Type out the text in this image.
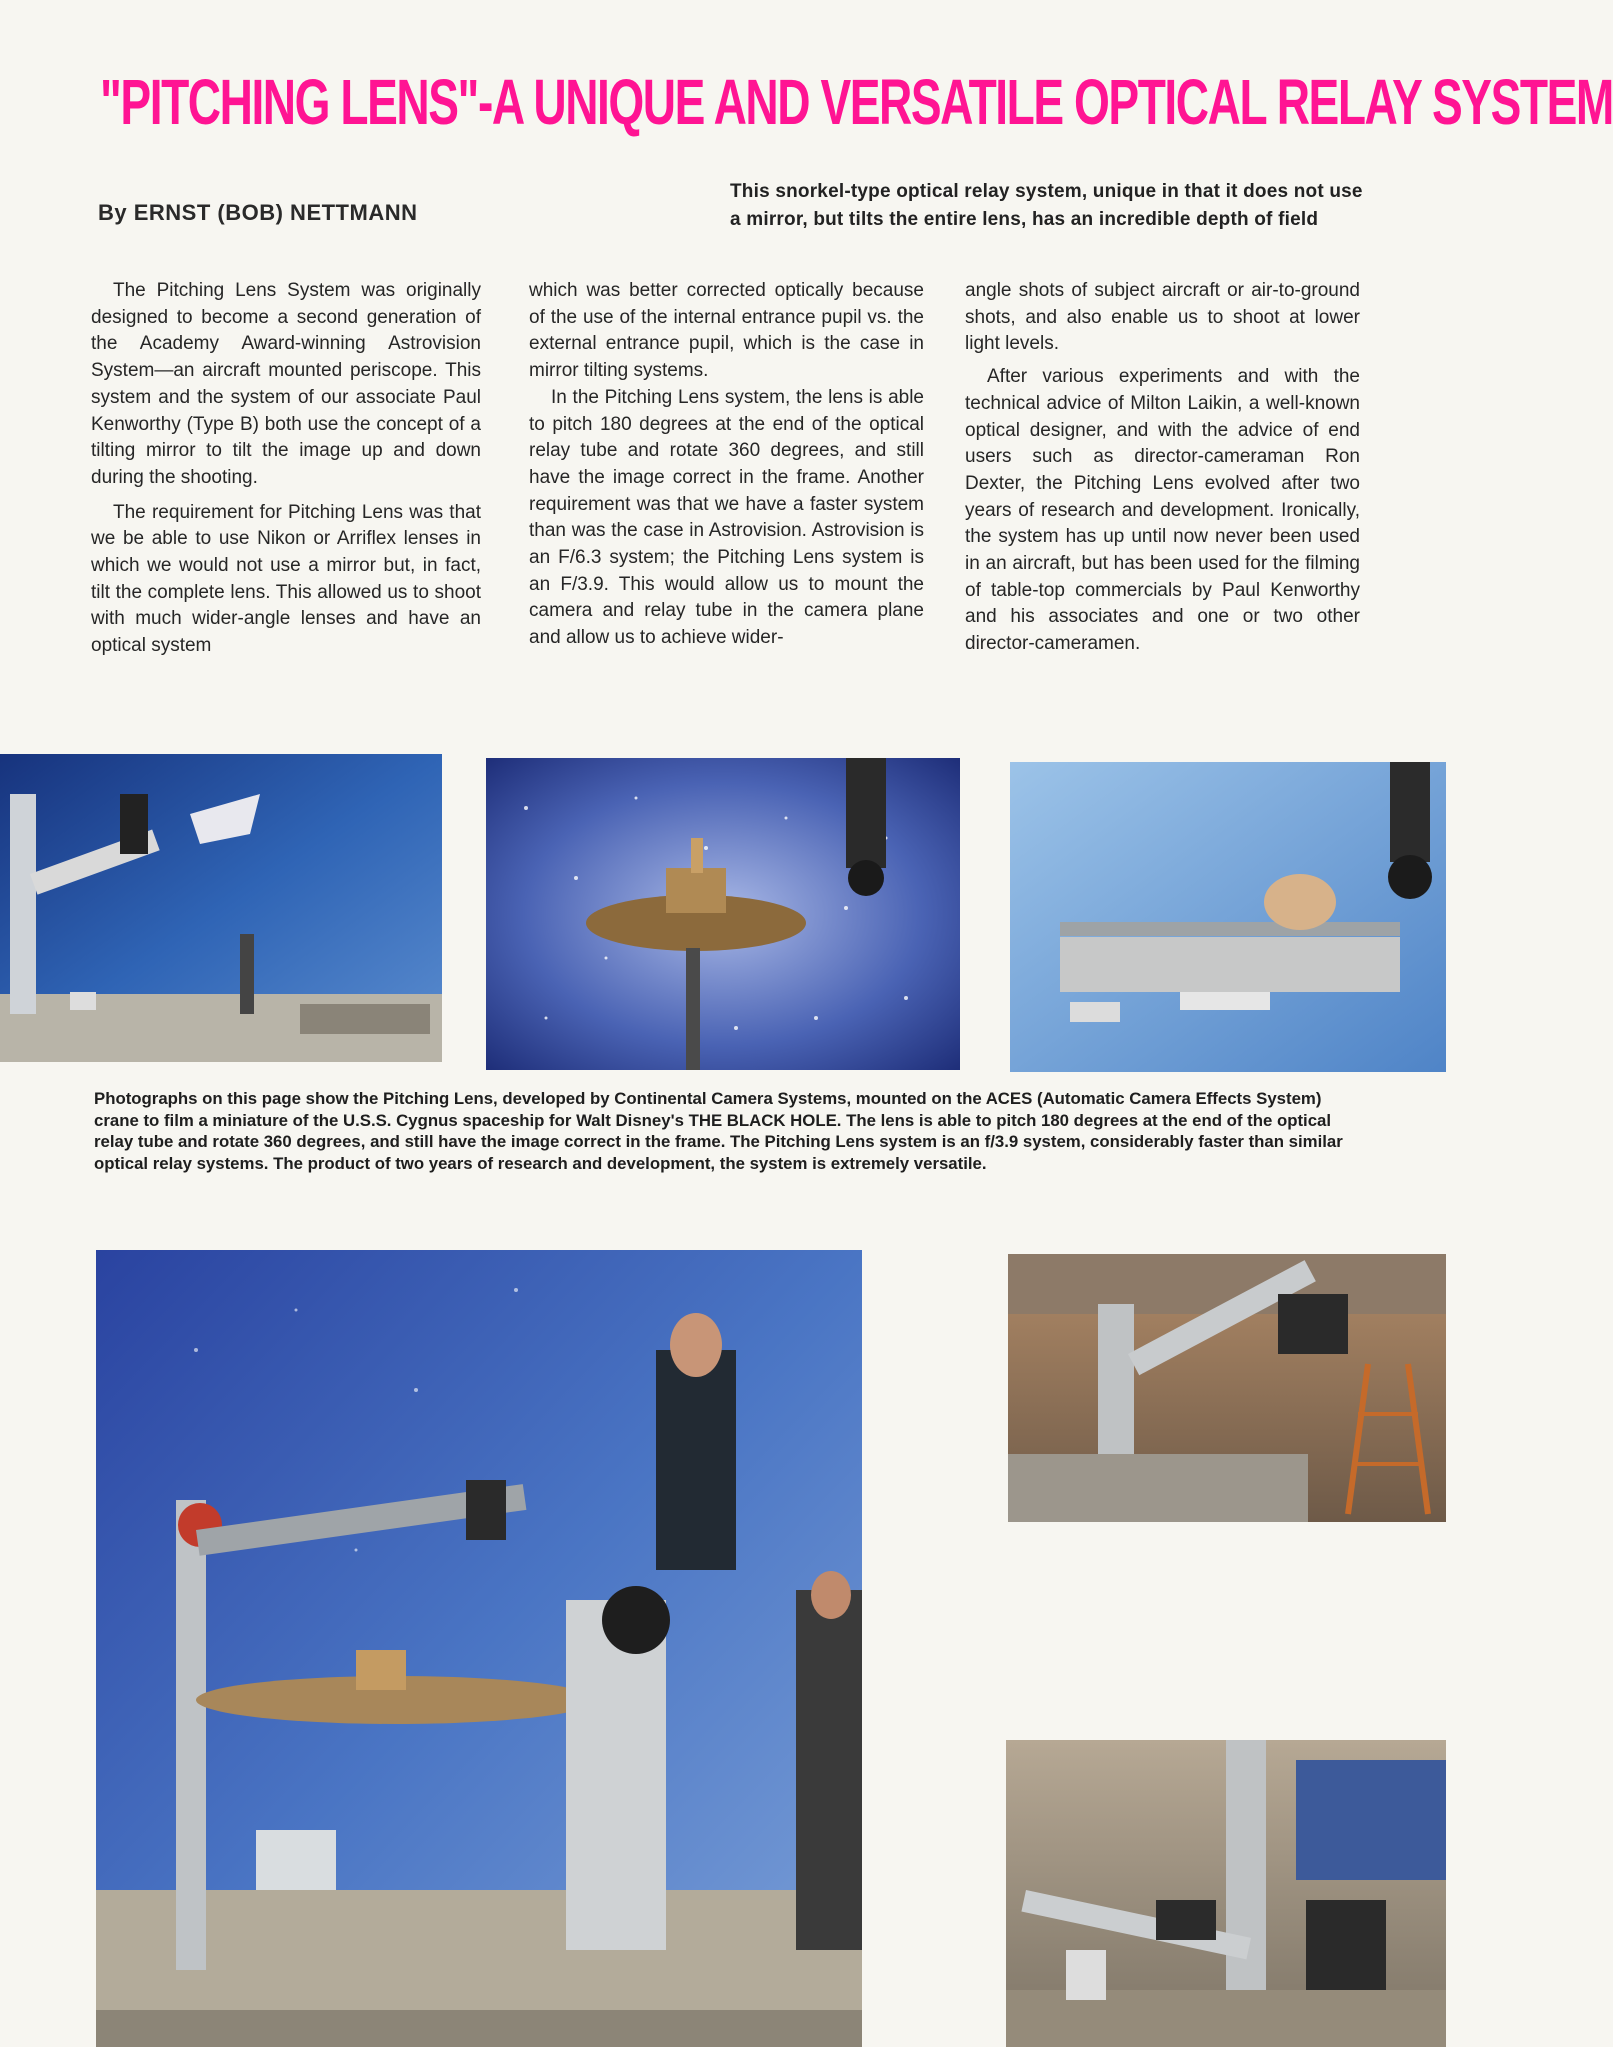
"PITCHING LENS"-A UNIQUE AND VERSATILE OPTICAL RELAY SYSTEM
By ERNST (BOB) NETTMANN
This snorkel-type optical relay system, unique in that it does not use a mirror, but tilts the entire lens, has an incredible depth of field

The Pitching Lens System was originally designed to become a second generation of the Academy Award-winning Astrovision System—an aircraft mounted periscope. This system and the system of our associate Paul Kenworthy (Type B) both use the concept of a tilting mirror to tilt the image up and down during the shooting.

The requirement for Pitching Lens was that we be able to use Nikon or Arriflex lenses in which we would not use a mirror but, in fact, tilt the complete lens. This allowed us to shoot with much wider-angle lenses and have an optical system

which was better corrected optically because of the use of the internal entrance pupil vs. the external entrance pupil, which is the case in mirror tilting systems.

In the Pitching Lens system, the lens is able to pitch 180 degrees at the end of the optical relay tube and rotate 360 degrees, and still have the image correct in the frame. Another requirement was that we have a faster system than was the case in Astrovision. Astrovision is an F/6.3 system; the Pitching Lens system is an F/3.9. This would allow us to mount the camera and relay tube in the camera plane and allow us to achieve wider-

angle shots of subject aircraft or air-to-ground shots, and also enable us to shoot at lower light levels.

After various experiments and with the technical advice of Milton Laikin, a well-known optical designer, and with the advice of end users such as director-cameraman Ron Dexter, the Pitching Lens evolved after two years of research and development. Ironically, the system has up until now never been used in an aircraft, but has been used for the filming of table-top commercials by Paul Kenworthy and his associates and one or two other director-cameramen.

Photographs on this page show the Pitching Lens, developed by Continental Camera Systems, mounted on the ACES (Automatic Camera Effects System) crane to film a miniature of the U.S.S. Cygnus spaceship for Walt Disney's THE BLACK HOLE. The lens is able to pitch 180 degrees at the end of the optical relay tube and rotate 360 degrees, and still have the image correct in the frame. The Pitching Lens system is an f/3.9 system, considerably faster than similar optical relay systems. The product of two years of research and development, the system is extremely versatile.
